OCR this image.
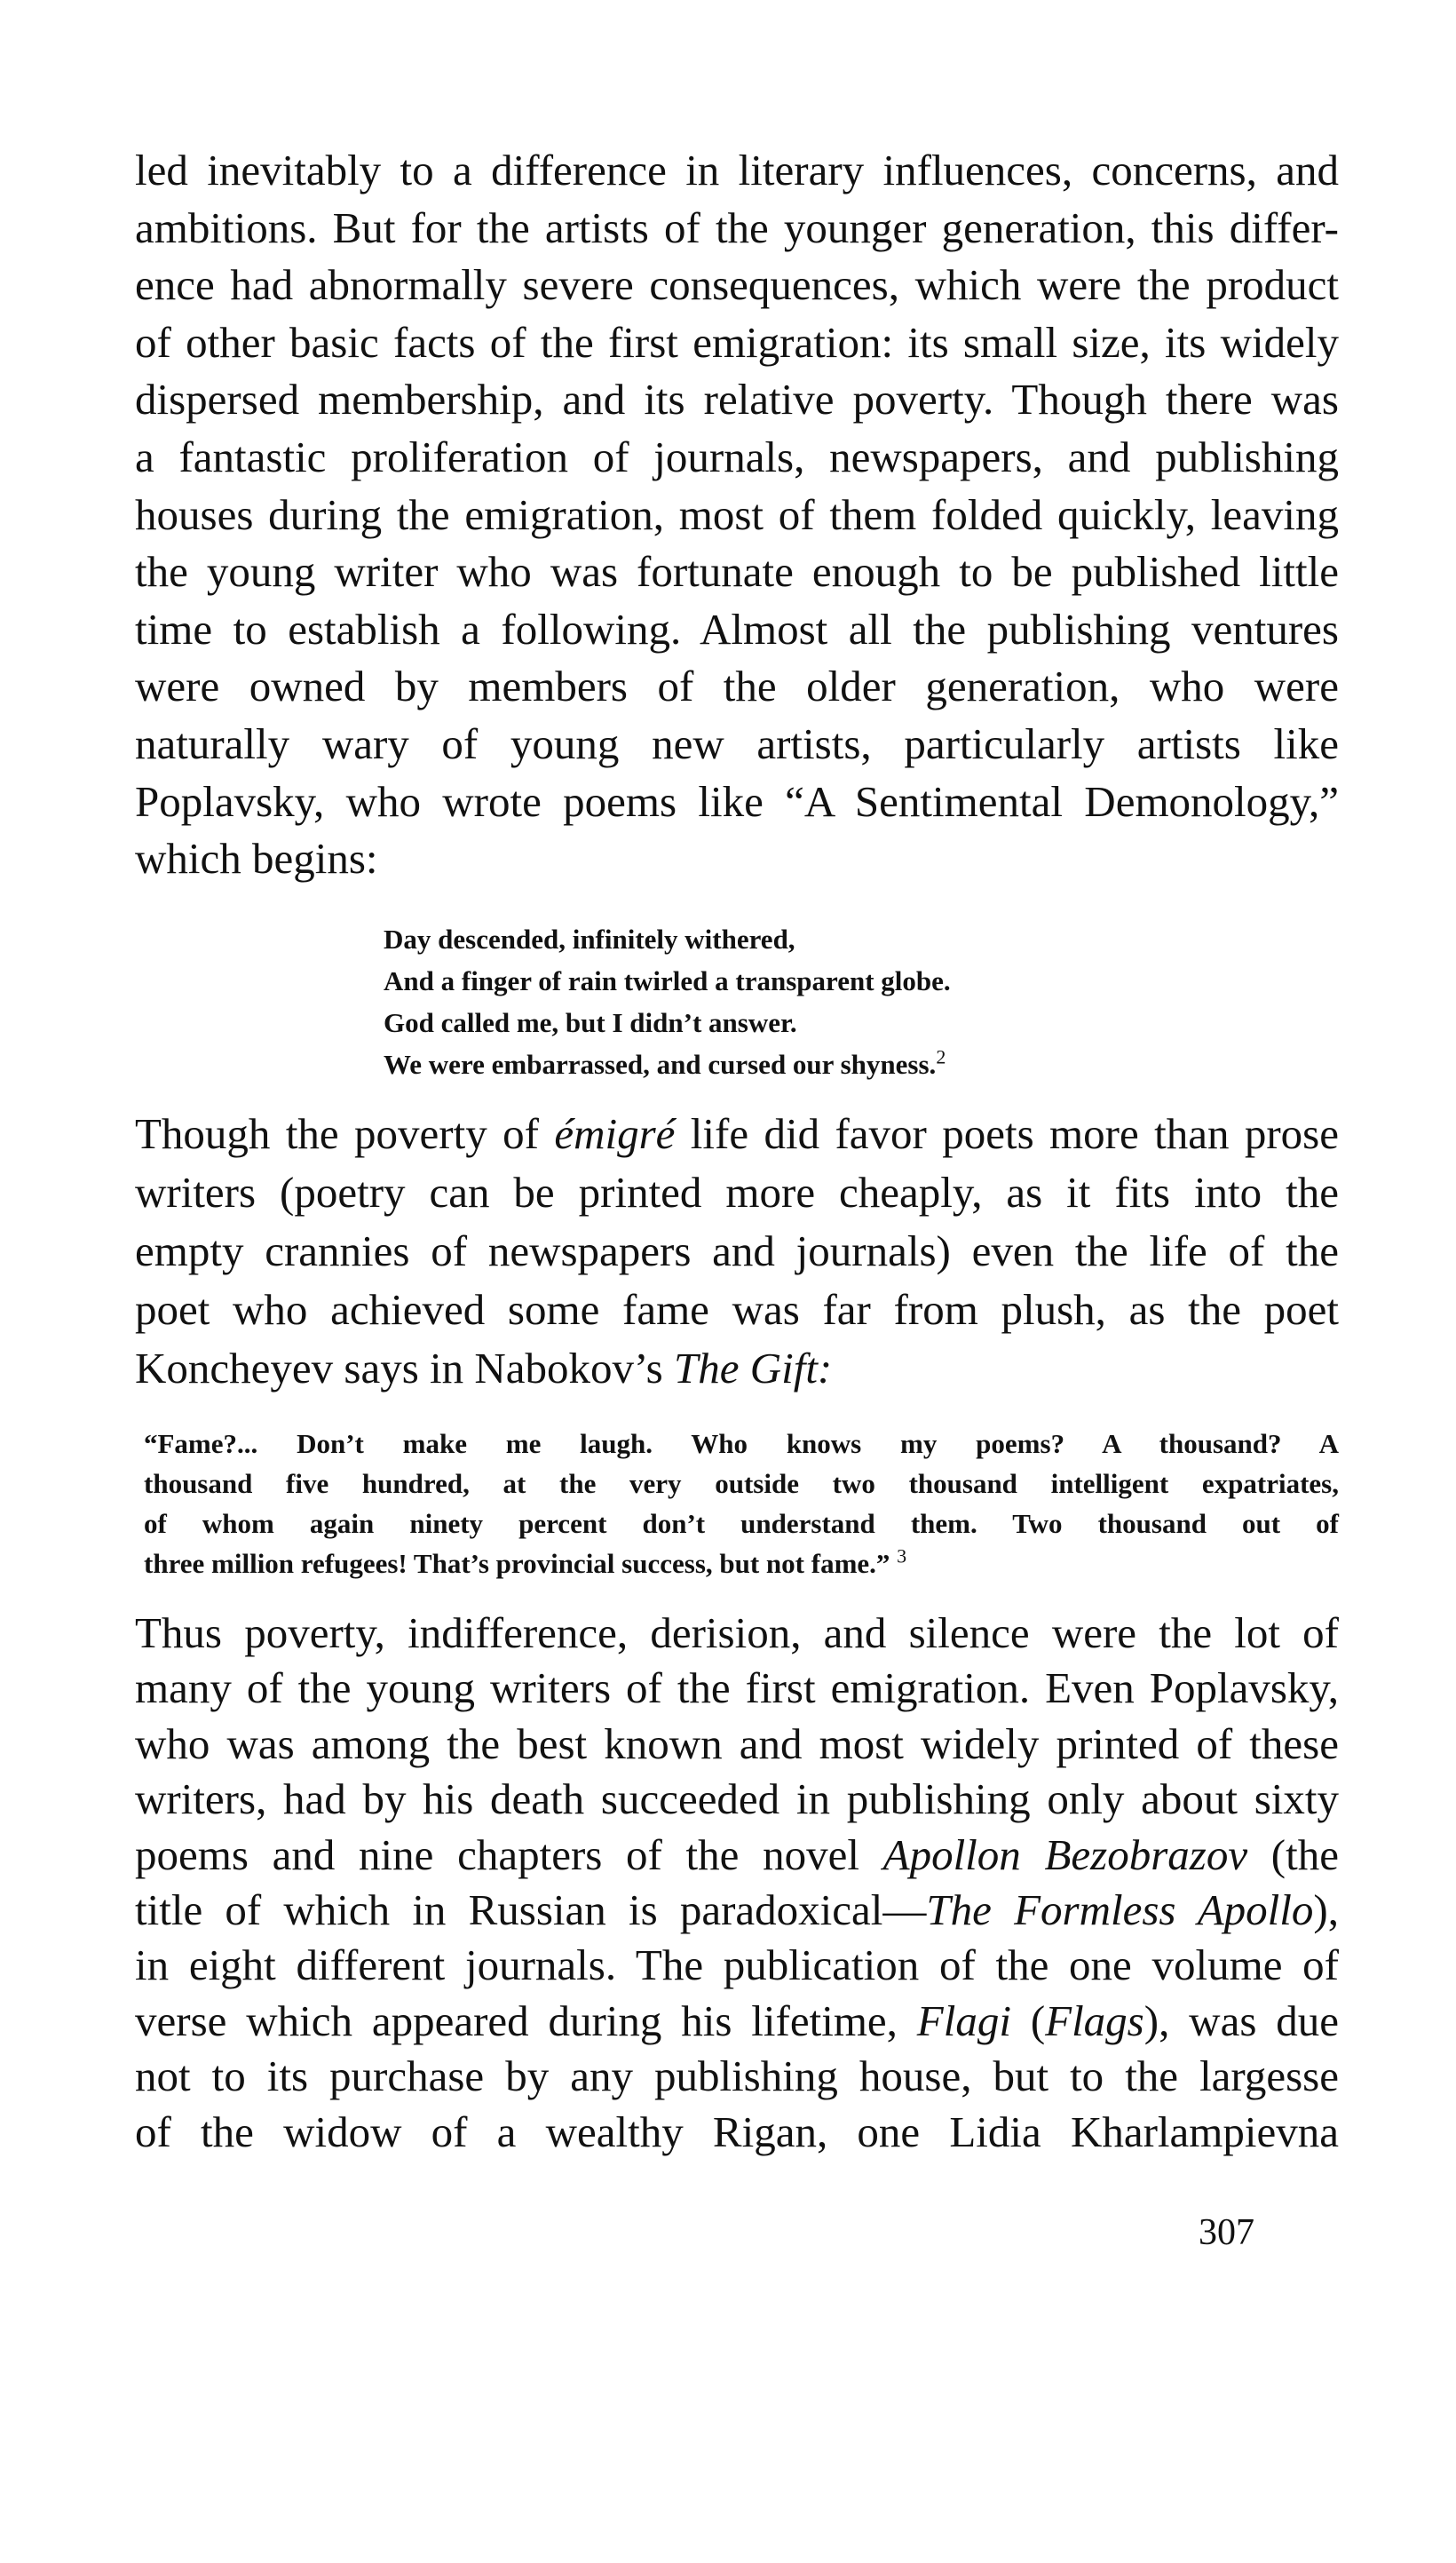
led inevitably to a difference in literary influences, concerns, and
ambitions. But for the artists of the younger generation, this differ-
ence had abnormally severe consequences, which were the product
of other basic facts of the first emigration: its small size, its widely
dispersed membership, and its relative poverty. Though there was
a fantastic proliferation of journals, newspapers, and publishing
houses during the emigration, most of them folded quickly, leaving
the young writer who was fortunate enough to be published little
time to establish a following. Almost all the publishing ventures
were owned by members of the older generation, who were
naturally wary of young new artists, particularly artists like
Poplavsky, who wrote poems like “A Sentimental Demonology,”
which begins:

Day descended, infinitely withered,
And a finger of rain twirled a transparent globe.
God called me, but I didn’t answer.
We were embarrassed, and cursed our shyness.$^2$

Though the poverty of émigré life did favor poets more than prose
writers (poetry can be printed more cheaply, as it fits into the
empty crannies of newspapers and journals) even the life of the
poet who achieved some fame was far from plush, as the poet
Koncheyev says in Nabokov’s The Gift:

“Fame?... Don’t make me laugh. Who knows my poems? A thousand? A
thousand five hundred, at the very outside two thousand intelligent expatriates,
of whom again ninety percent don’t understand them. Two thousand out of
three million refugees! That’s provincial success, but not fame.” $^3$

Thus poverty, indifference, derision, and silence were the lot of
many of the young writers of the first emigration. Even Poplavsky,
who was among the best known and most widely printed of these
writers, had by his death succeeded in publishing only about sixty
poems and nine chapters of the novel Apollon Bezobrazov (the
title of which in Russian is paradoxical—The Formless Apollo),
in eight different journals. The publication of the one volume of
verse which appeared during his lifetime, Flagi (Flags), was due
not to its purchase by any publishing house, but to the largesse
of the widow of a wealthy Rigan, one Lidia Kharlampievna

307
